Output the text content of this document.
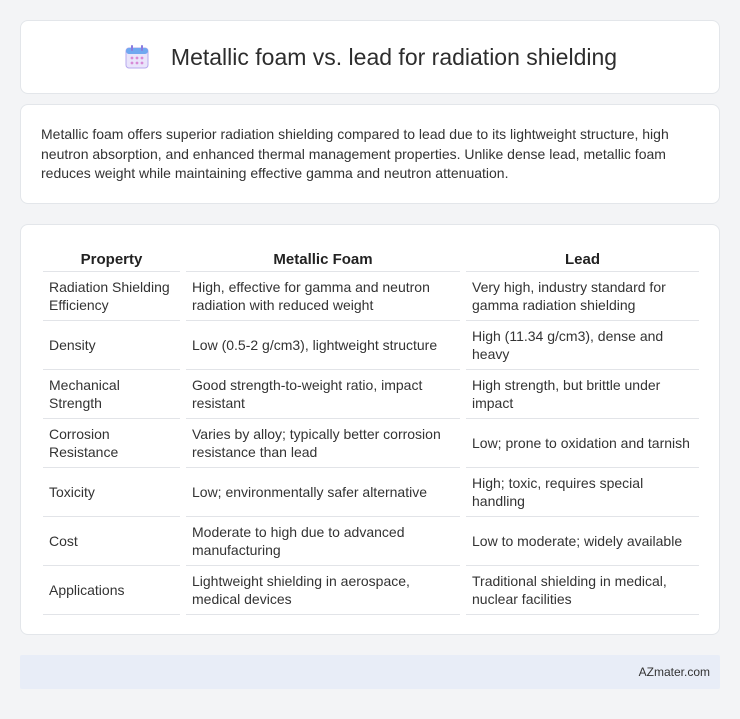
Metallic foam vs. lead for radiation shielding

Metallic foam offers superior radiation shielding compared to lead due to its lightweight structure, high neutron absorption, and enhanced thermal management properties. Unlike dense lead, metallic foam reduces weight while maintaining effective gamma and neutron attenuation.

Property	Metallic Foam	Lead
Radiation Shielding Efficiency	High, effective for gamma and neutron radiation with reduced weight	Very high, industry standard for gamma radiation shielding
Density	Low (0.5-2 g/cm3), lightweight structure	High (11.34 g/cm3), dense and heavy
Mechanical Strength	Good strength-to-weight ratio, impact resistant	High strength, but brittle under impact
Corrosion Resistance	Varies by alloy; typically better corrosion resistance than lead	Low; prone to oxidation and tarnish
Toxicity	Low; environmentally safer alternative	High; toxic, requires special handling
Cost	Moderate to high due to advanced manufacturing	Low to moderate; widely available
Applications	Lightweight shielding in aerospace, medical devices	Traditional shielding in medical, nuclear facilities
AZmater.com
